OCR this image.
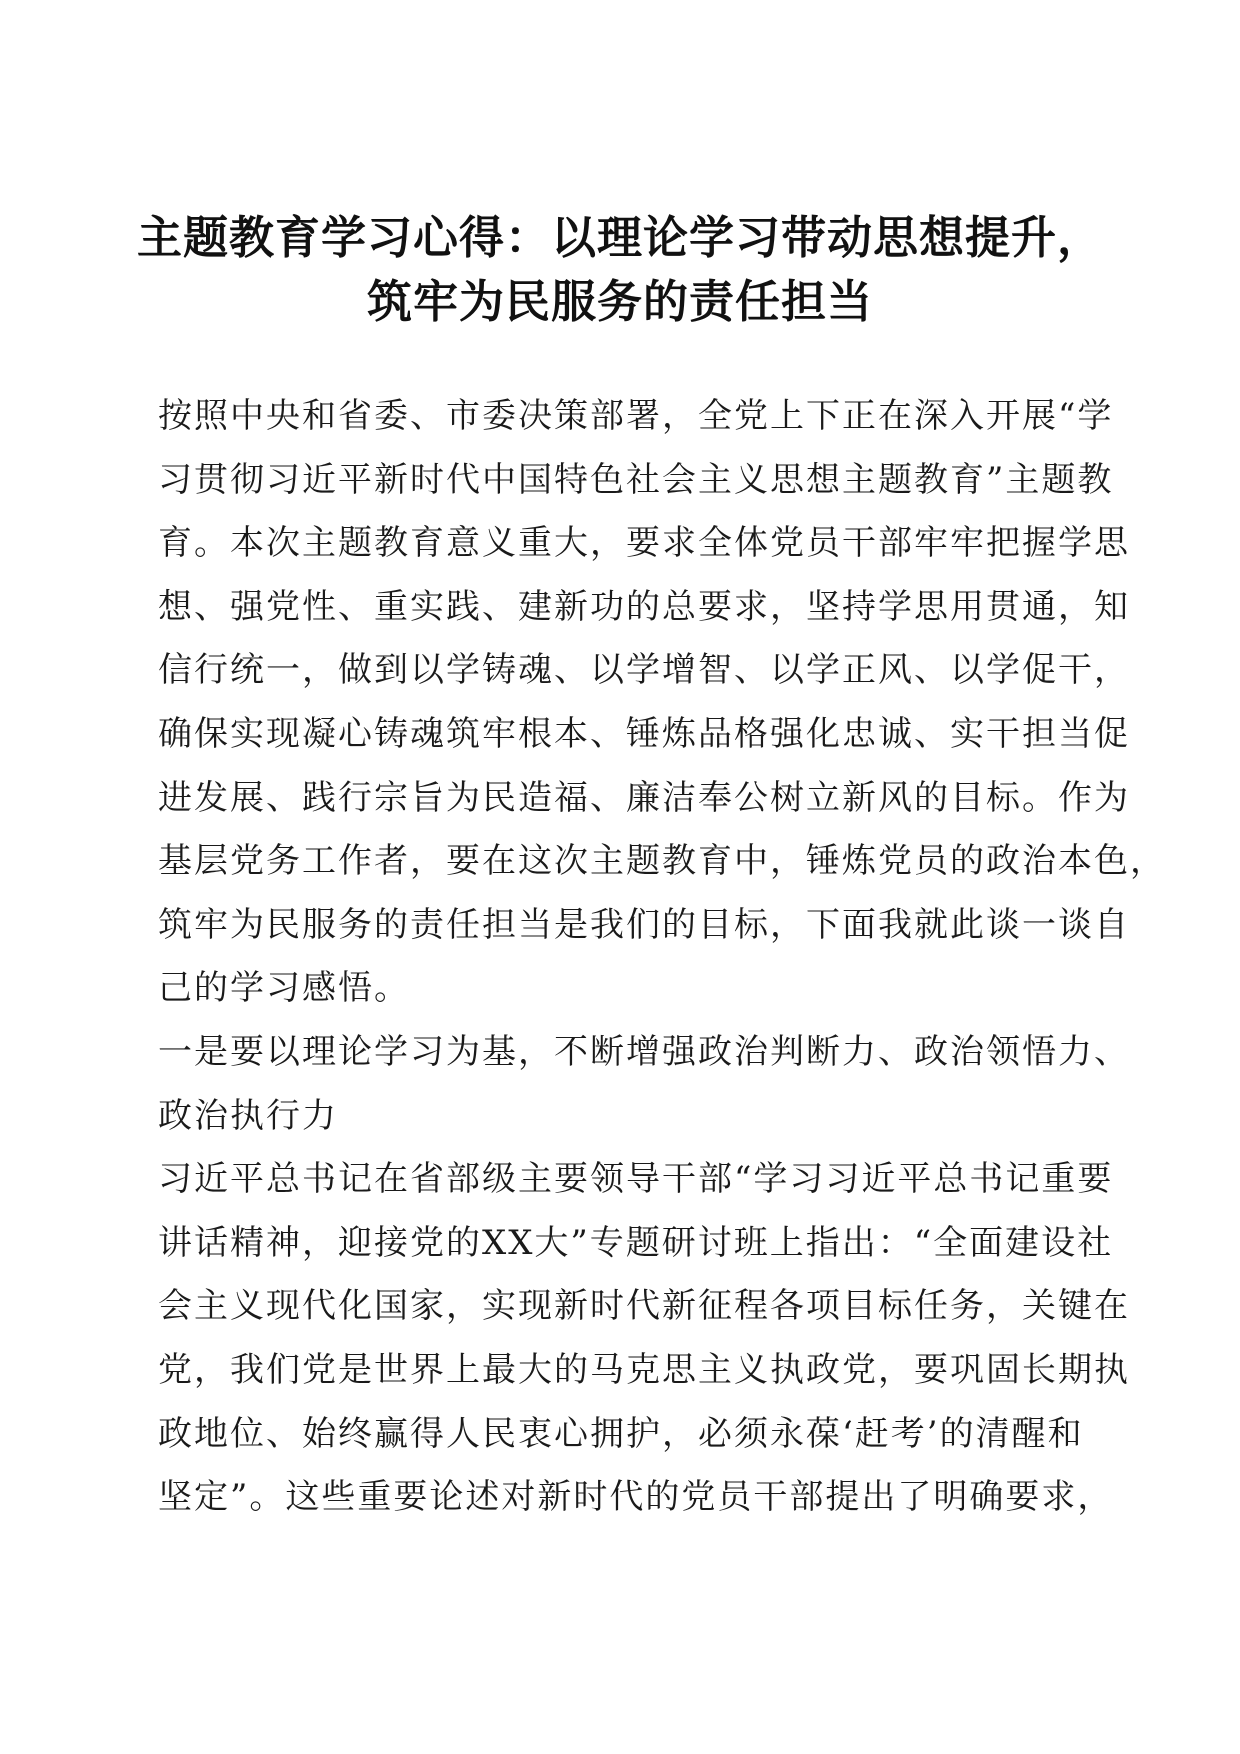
主题教育学习心得：以理论学习带动思想提升，
筑牢为民服务的责任担当
按照中央和省委、市委决策部署，全党上下正在深入开展“学
习贯彻习近平新时代中国特色社会主义思想主题教育”主题教
育。本次主题教育意义重大，要求全体党员干部牢牢把握学思
想、强党性、重实践、建新功的总要求，坚持学思用贯通，知
信行统一，做到以学铸魂、以学增智、以学正风、以学促干，
确保实现凝心铸魂筑牢根本、锤炼品格强化忠诚、实干担当促
进发展、践行宗旨为民造福、廉洁奉公树立新风的目标。作为
基层党务工作者，要在这次主题教育中，锤炼党员的政治本色，
筑牢为民服务的责任担当是我们的目标，下面我就此谈一谈自
己的学习感悟。
一是要以理论学习为基，不断增强政治判断力、政治领悟力、
政治执行力
习近平总书记在省部级主要领导干部“学习习近平总书记重要
讲话精神，迎接党的XX大”专题研讨班上指出：“全面建设社
会主义现代化国家，实现新时代新征程各项目标任务，关键在
党，我们党是世界上最大的马克思主义执政党，要巩固长期执
政地位、始终赢得人民衷心拥护，必须永葆‘赶考’的清醒和
坚定”。这些重要论述对新时代的党员干部提出了明确要求，
